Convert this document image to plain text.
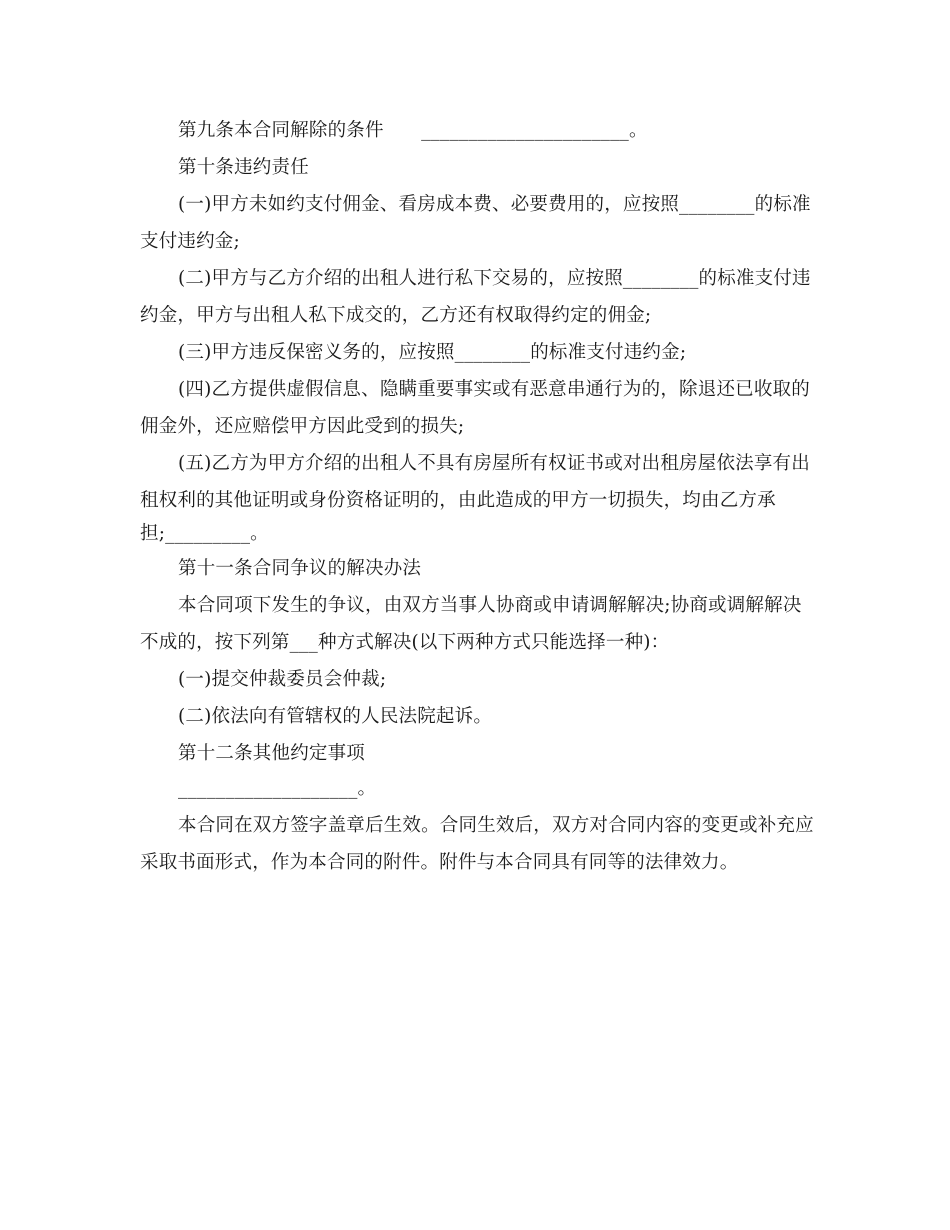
第九条本合同解除的条件　　______________________。
第十条违约责任
(一)甲方未如约支付佣金、看房成本费、必要费用的，应按照________的标准
支付违约金;
(二)甲方与乙方介绍的出租人进行私下交易的，应按照________的标准支付违
约金，甲方与出租人私下成交的，乙方还有权取得约定的佣金;
(三)甲方违反保密义务的，应按照________的标准支付违约金;
(四)乙方提供虚假信息、隐瞒重要事实或有恶意串通行为的，除退还已收取的
佣金外，还应赔偿甲方因此受到的损失;
(五)乙方为甲方介绍的出租人不具有房屋所有权证书或对出租房屋依法享有出
租权利的其他证明或身份资格证明的，由此造成的甲方一切损失，均由乙方承
担;_________。
第十一条合同争议的解决办法
本合同项下发生的争议，由双方当事人协商或申请调解解决;协商或调解解决
不成的，按下列第___种方式解决(以下两种方式只能选择一种)：
(一)提交仲裁委员会仲裁;
(二)依法向有管辖权的人民法院起诉。
第十二条其他约定事项
___________________。
本合同在双方签字盖章后生效。合同生效后，双方对合同内容的变更或补充应
采取书面形式，作为本合同的附件。附件与本合同具有同等的法律效力。
